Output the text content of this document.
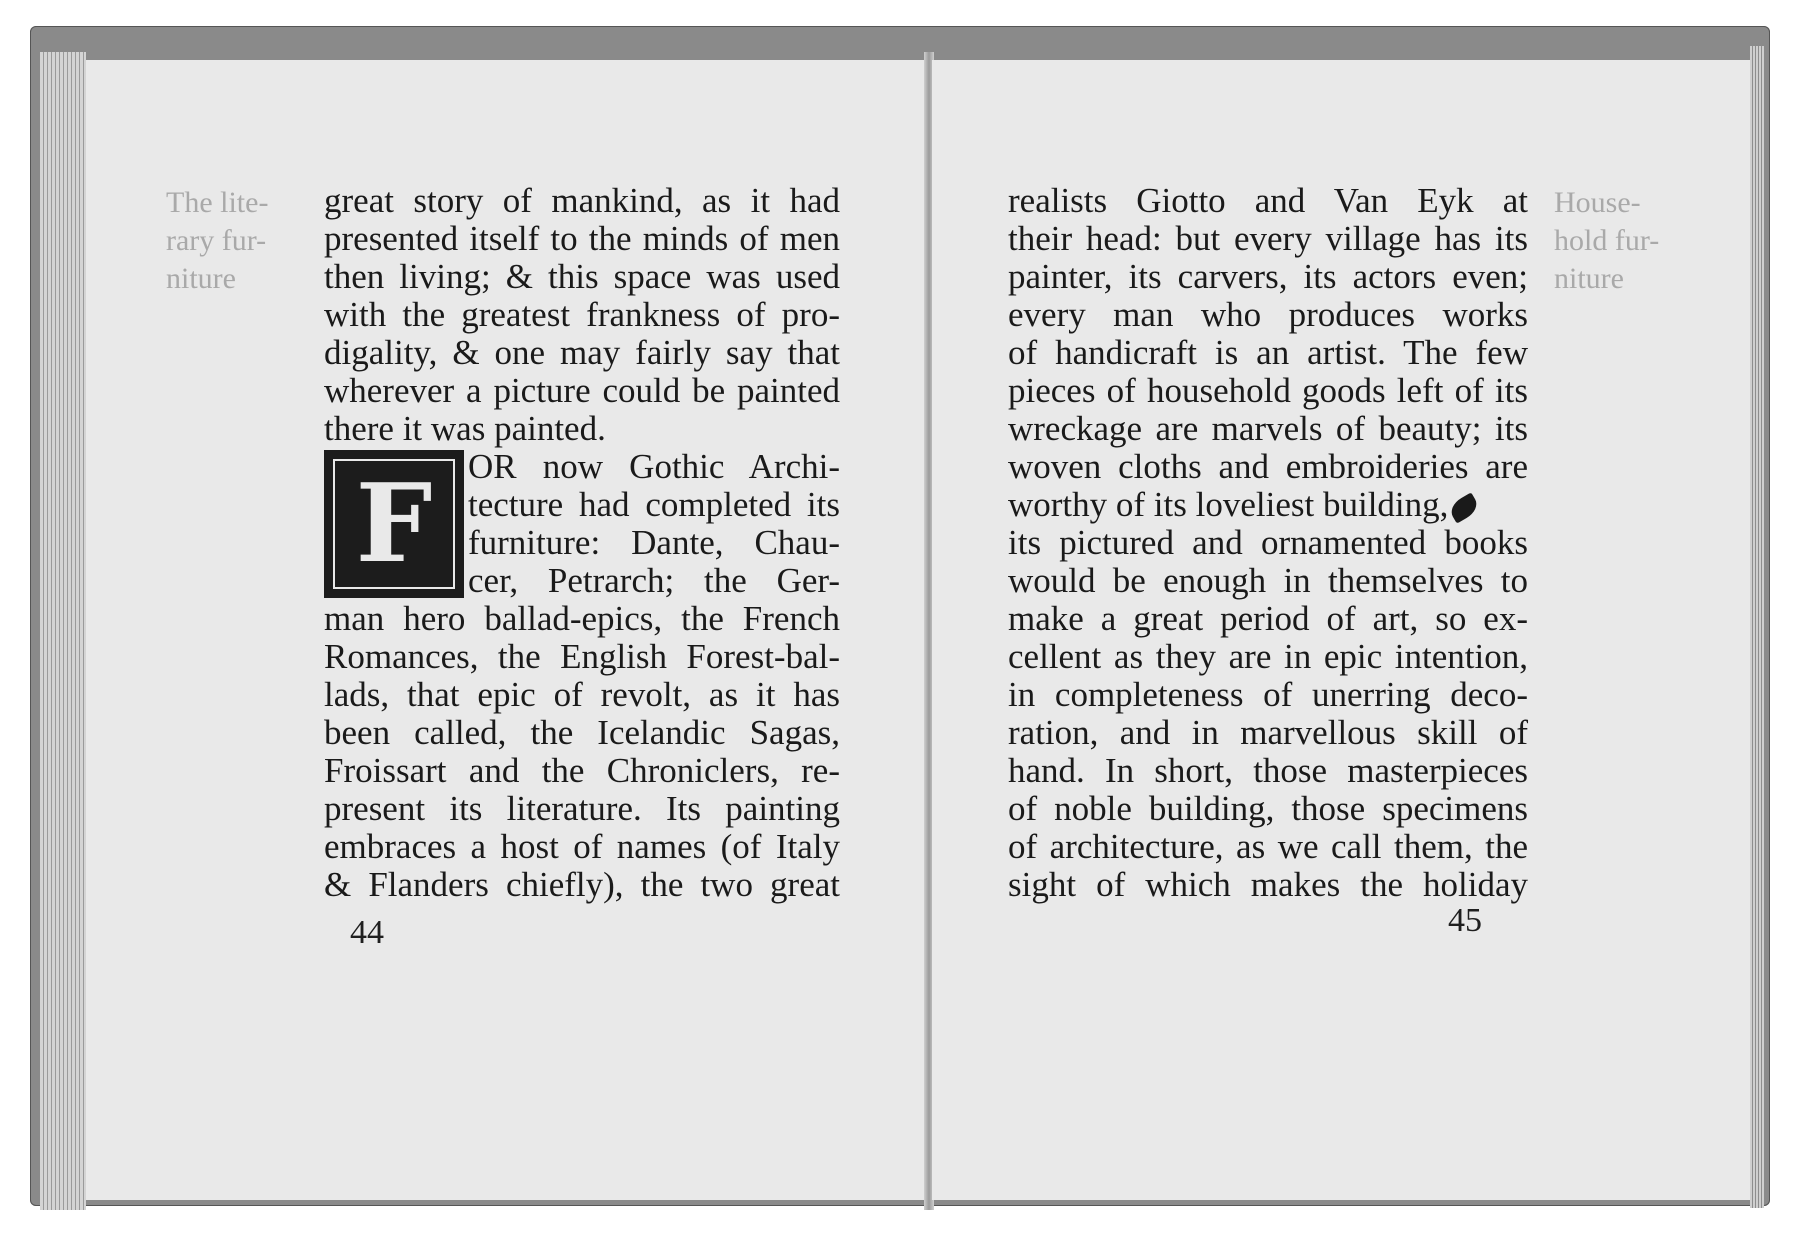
The lite-
rary fur-
niture
great story of mankind, as it had
presented itself to the minds of men
then living; & this space was used
with the greatest frankness of pro-
digality, & one may fairly say that
wherever a picture could be painted
there it was painted.
F OR now Gothic Archi-
tecture had completed its
furniture: Dante, Chau-
cer, Petrarch; the Ger-
man hero ballad-epics, the French
Romances, the English Forest-bal-
lads, that epic of revolt, as it has
been called, the Icelandic Sagas,
Froissart and the Chroniclers, re-
present its literature. Its painting
embraces a host of names (of Italy
& Flanders chiefly), the two great
44
realists Giotto and Van Eyk at
their head: but every village has its
painter, its carvers, its actors even;
every man who produces works
of handicraft is an artist. The few
pieces of household goods left of its
wreckage are marvels of beauty; its
woven cloths and embroideries are
worthy of its loveliest building,
its pictured and ornamented books
would be enough in themselves to
make a great period of art, so ex-
cellent as they are in epic intention,
in completeness of unerring deco-
ration, and in marvellous skill of
hand. In short, those masterpieces
of noble building, those specimens
of architecture, as we call them, the
sight of which makes the holiday
House-
hold fur-
niture
45
